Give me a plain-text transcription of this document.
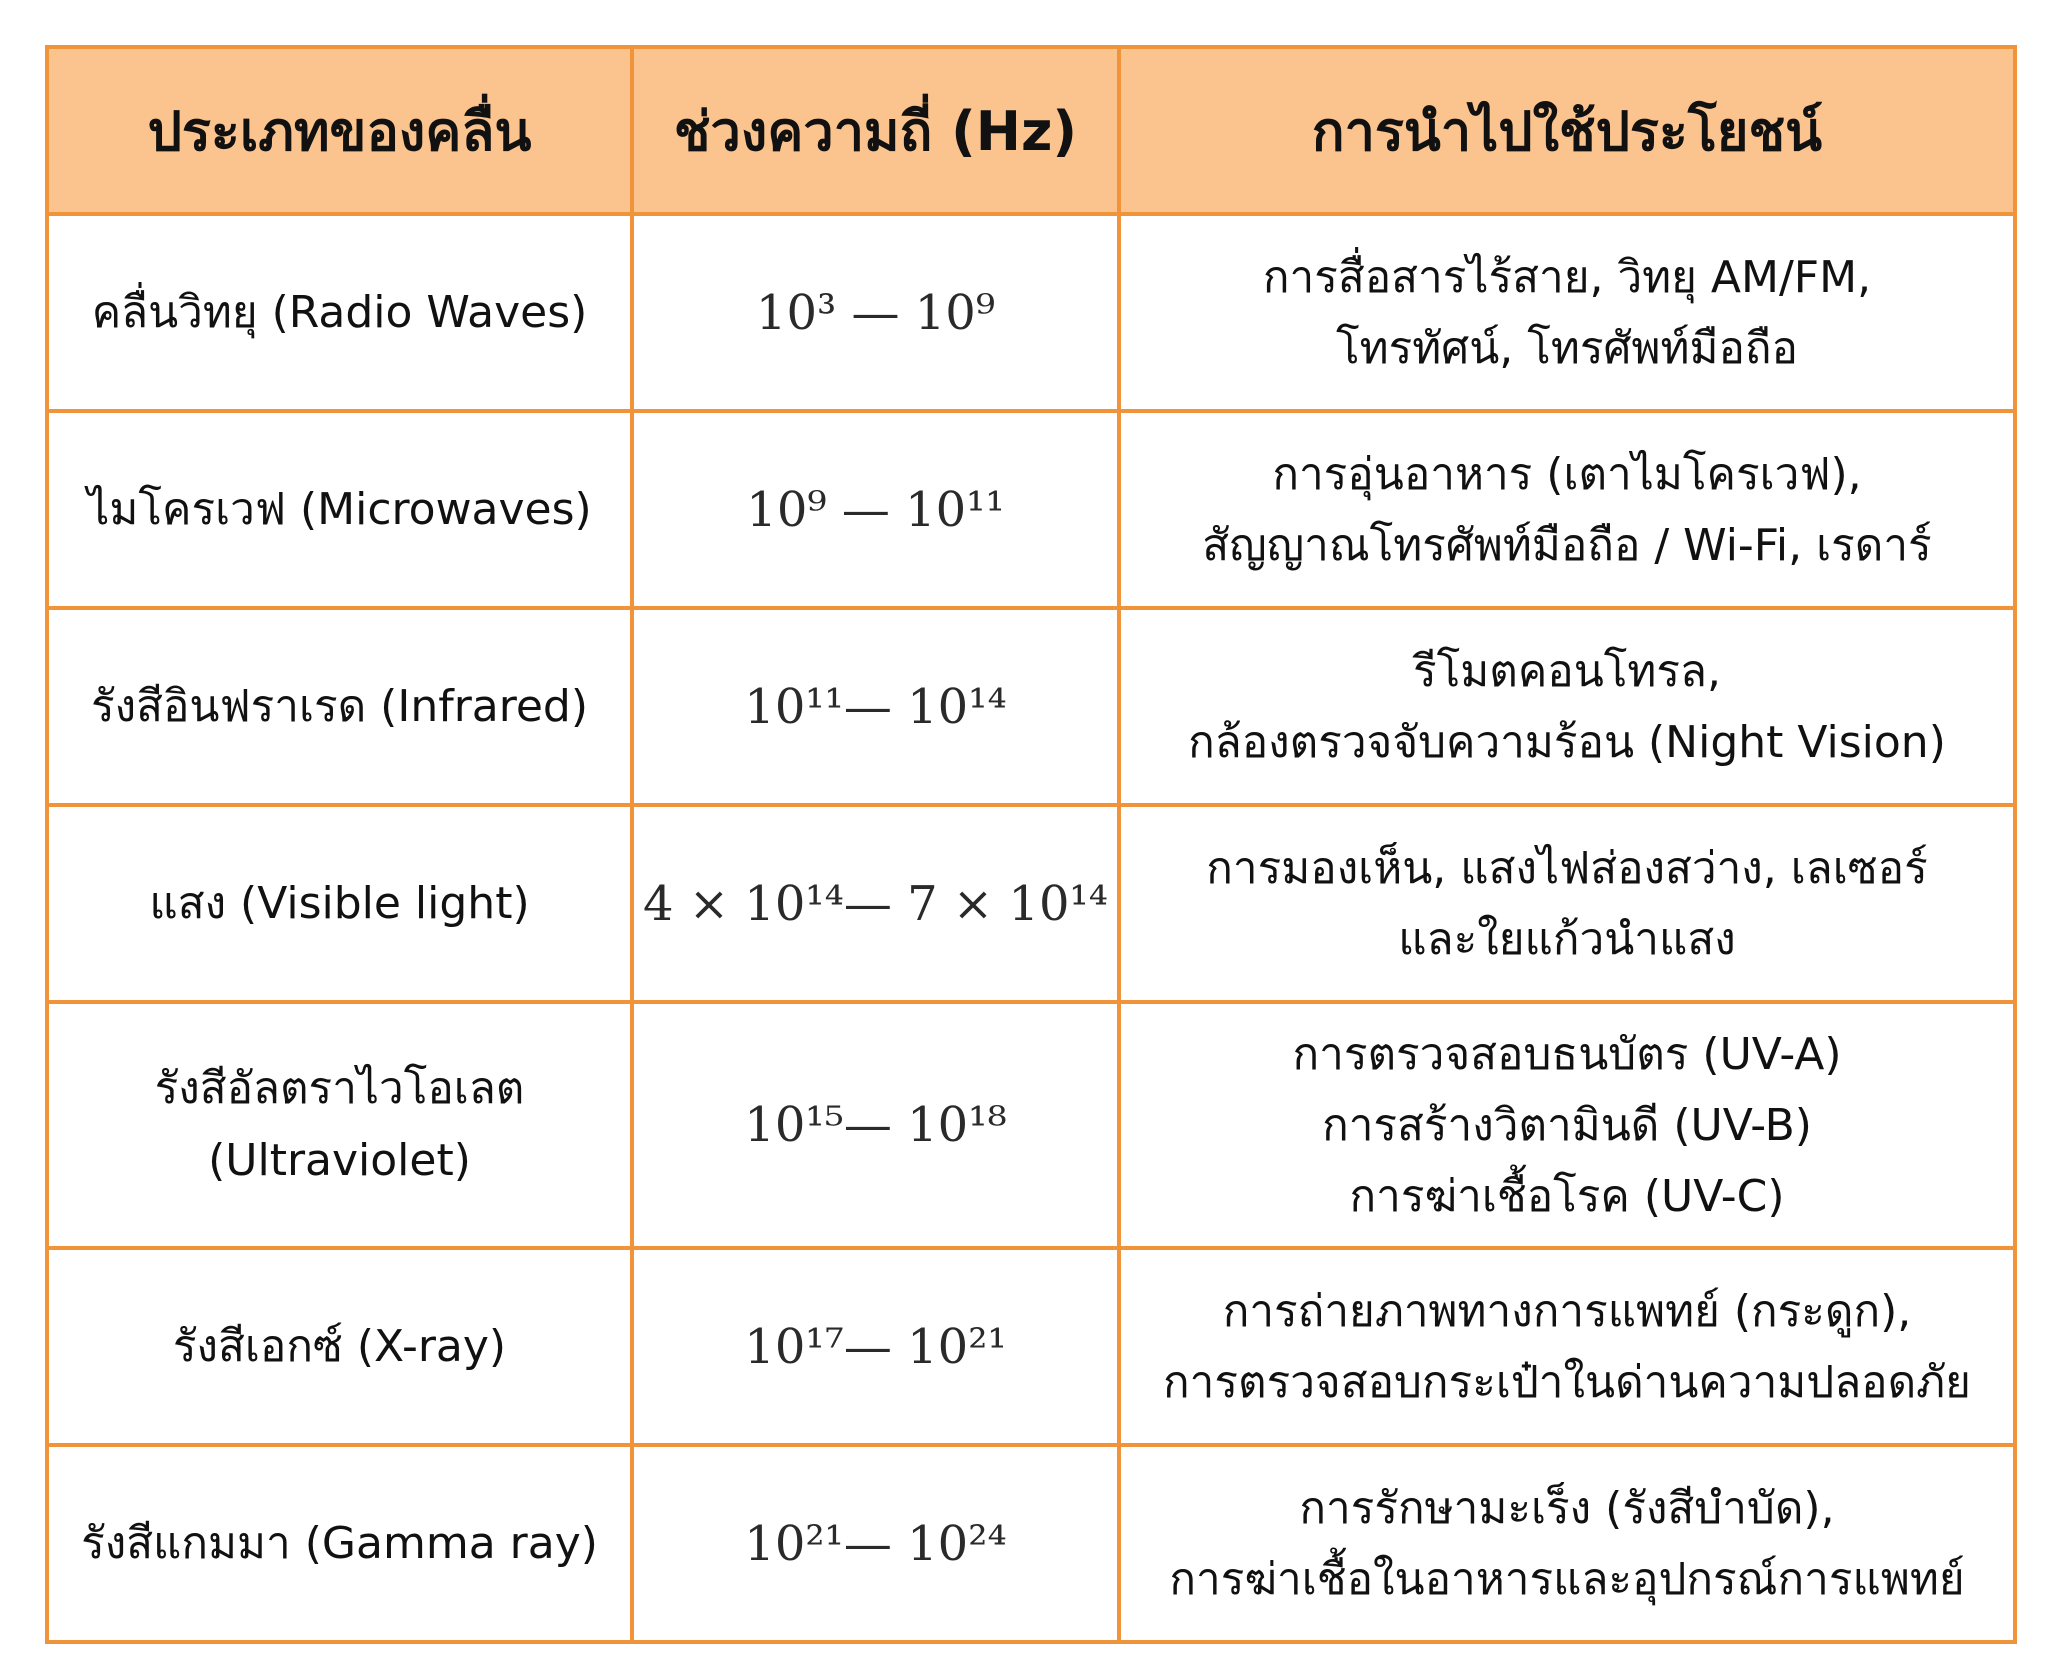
ประเภทของคลื่น	ช่วงความถี่ (Hz)	การนำไปใช้ประโยชน์

คลื่นวิทยุ (Radio Waves)	10³ — 10⁹	การสื่อสารไร้สาย, วิทยุ AM/FM,
โทรทัศน์, โทรศัพท์มือถือ

ไมโครเวฟ (Microwaves)	10⁹ — 10¹¹	การอุ่นอาหาร (เตาไมโครเวฟ),
สัญญาณโทรศัพท์มือถือ / Wi-Fi, เรดาร์

รังสีอินฟราเรด (Infrared)	10¹¹— 10¹⁴	รีโมตคอนโทรล,
กล้องตรวจจับความร้อน (Night Vision)

แสง (Visible light)	4 × 10¹⁴— 7 × 10¹⁴	การมองเห็น, แสงไฟส่องสว่าง, เลเซอร์
และใยแก้วนำแสง

รังสีอัลตราไวโอเลต
(Ultraviolet)	10¹⁵— 10¹⁸	การตรวจสอบธนบัตร (UV-A)
การสร้างวิตามินดี (UV-B)
การฆ่าเชื้อโรค (UV-C)

รังสีเอกซ์ (X-ray)	10¹⁷— 10²¹	การถ่ายภาพทางการแพทย์ (กระดูก),
การตรวจสอบกระเป๋าในด่านความปลอดภัย

รังสีแกมมา (Gamma ray)	10²¹— 10²⁴	การรักษามะเร็ง (รังสีบำบัด),
การฆ่าเชื้อในอาหารและอุปกรณ์การแพทย์
